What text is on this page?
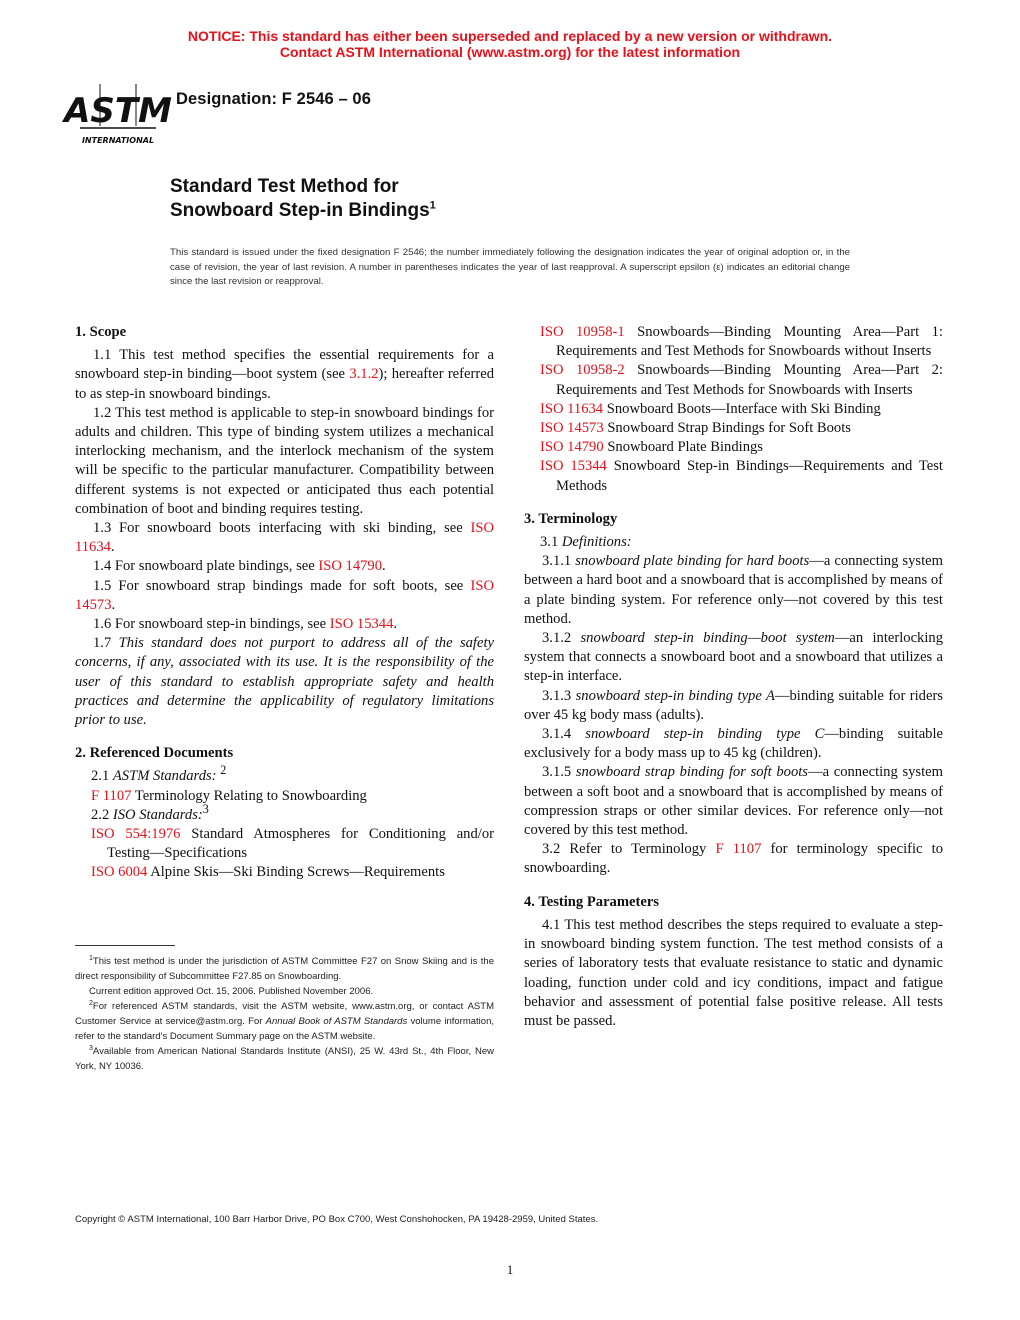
NOTICE: This standard has either been superseded and replaced by a new version or withdrawn.
Contact ASTM International (www.astm.org) for the latest information
ASTM
INTERNATIONAL
Designation: F 2546 – 06
Standard Test Method for
Snowboard Step-in Bindings$^1$
This standard is issued under the fixed designation F 2546; the number immediately following the designation indicates the year of original adoption or, in the case of revision, the year of last revision. A number in parentheses indicates the year of last reapproval. A superscript epsilon (ε) indicates an editorial change since the last revision or reapproval.

1. Scope

1.1 This test method specifies the essential requirements for a snowboard step-in binding—boot system (see 3.1.2); hereafter referred to as step-in snowboard bindings.

1.2 This test method is applicable to step-in snowboard bindings for adults and children. This type of binding system utilizes a mechanical interlocking mechanism, and the interlock mechanism of the system will be specific to the particular manufacturer. Compatibility between different systems is not expected or anticipated thus each potential combination of boot and binding requires testing.

1.3 For snowboard boots interfacing with ski binding, see ISO 11634.

1.4 For snowboard plate bindings, see ISO 14790.

1.5 For snowboard strap bindings made for soft boots, see ISO 14573.

1.6 For snowboard step-in bindings, see ISO 15344.

1.7 This standard does not purport to address all of the safety concerns, if any, associated with its use. It is the responsibility of the user of this standard to establish appropriate safety and health practices and determine the applicability of regulatory limitations prior to use.

2. Referenced Documents

2.1 ASTM Standards: $^2$

F 1107 Terminology Relating to Snowboarding

2.2 ISO Standards:$^3$

ISO 554:1976 Standard Atmospheres for Conditioning and/or Testing—Specifications

ISO 6004 Alpine Skis—Ski Binding Screws—Requirements

$^1$This test method is under the jurisdiction of ASTM Committee F27 on Snow Skiing and is the direct responsibility of Subcommittee F27.85 on Snowboarding.

Current edition approved Oct. 15, 2006. Published November 2006.

$^2$For referenced ASTM standards, visit the ASTM website, www.astm.org, or contact ASTM Customer Service at service@astm.org. For Annual Book of ASTM Standards volume information, refer to the standard’s Document Summary page on the ASTM website.

$^3$Available from American National Standards Institute (ANSI), 25 W. 43rd St., 4th Floor, New York, NY 10036.

ISO 10958-1 Snowboards—Binding Mounting Area—Part 1: Requirements and Test Methods for Snowboards without Inserts

ISO 10958-2 Snowboards—Binding Mounting Area—Part 2: Requirements and Test Methods for Snowboards with Inserts

ISO 11634 Snowboard Boots—Interface with Ski Binding

ISO 14573 Snowboard Strap Bindings for Soft Boots

ISO 14790 Snowboard Plate Bindings

ISO 15344 Snowboard Step-in Bindings—Requirements and Test Methods

3. Terminology

3.1 Definitions:

3.1.1 snowboard plate binding for hard boots—a connecting system between a hard boot and a snowboard that is accomplished by means of a plate binding system. For reference only—not covered by this test method.

3.1.2 snowboard step-in binding—boot system—an interlocking system that connects a snowboard boot and a snowboard that utilizes a step-in interface.

3.1.3 snowboard step-in binding type A—binding suitable for riders over 45 kg body mass (adults).

3.1.4 snowboard step-in binding type C—binding suitable exclusively for a body mass up to 45 kg (children).

3.1.5 snowboard strap binding for soft boots—a connecting system between a soft boot and a snowboard that is accomplished by means of compression straps or other similar devices. For reference only—not covered by this test method.

3.2 Refer to Terminology F 1107 for terminology specific to snowboarding.

4. Testing Parameters

4.1 This test method describes the steps required to evaluate a step-in snowboard binding system function. The test method consists of a series of laboratory tests that evaluate resistance to static and dynamic loading, function under cold and icy conditions, impact and fatigue behavior and assessment of potential false positive release. All tests must be passed.

Copyright © ASTM International, 100 Barr Harbor Drive, PO Box C700, West Conshohocken, PA 19428-2959, United States.
1
